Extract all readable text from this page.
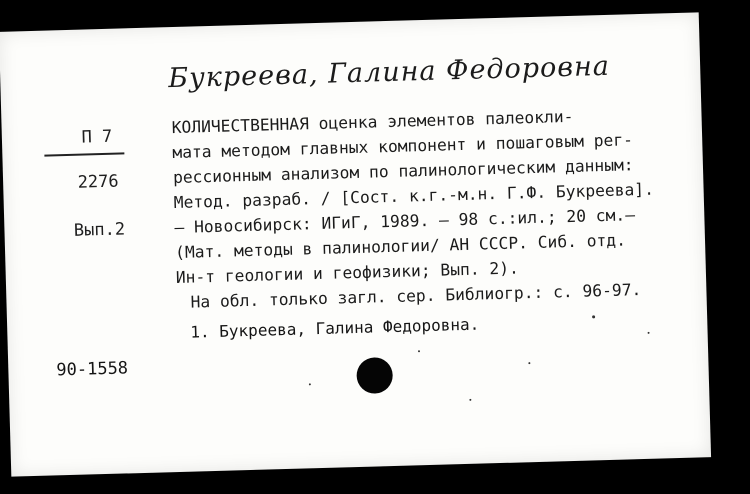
Букреева, Галина Федоровна
П 7
2276
Вып.2
КОЛИЧЕСТВЕННАЯ оценка элементов палеокли-
мата методом главных компонент и пошаговым рег-
рессионным анализом по палинологическим данным:
Метод. разраб. / [Сост. к.г.-м.н. Г.Ф. Букреева].
– Новосибирск: ИГиГ, 1989. – 98 с.:ил.; 20 см.–
(Мат. методы в палинологии/ АН СССР. Сиб. отд.
Ин-т геологии и геофизики; Вып. 2).
На обл. только загл. сер. Библиогр.: с. 96-97.
1. Букреева, Галина Федоровна.
90-1558
